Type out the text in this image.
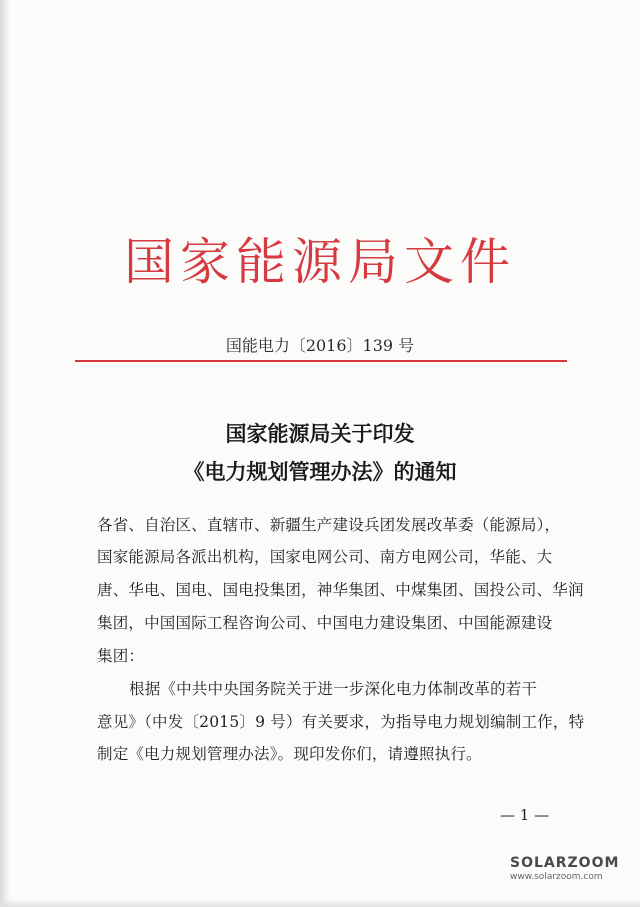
国家能源局文件
国能电力〔2016〕139 号
国家能源局关于印发
《电力规划管理办法》的通知
各省、自治区、直辖市、新疆生产建设兵团发展改革委（能源局），
国家能源局各派出机构，国家电网公司、南方电网公司，华能、大
唐、华电、国电、国电投集团，神华集团、中煤集团、国投公司、华润
集团，中国国际工程咨询公司、中国电力建设集团、中国能源建设
集团：
根据《中共中央国务院关于进一步深化电力体制改革的若干
意见》（中发〔2015〕9 号）有关要求，为指导电力规划编制工作，特
制定《电力规划管理办法》。现印发你们，请遵照执行。
— 1 —
SOLARZOOM
www.solarzoom.com
